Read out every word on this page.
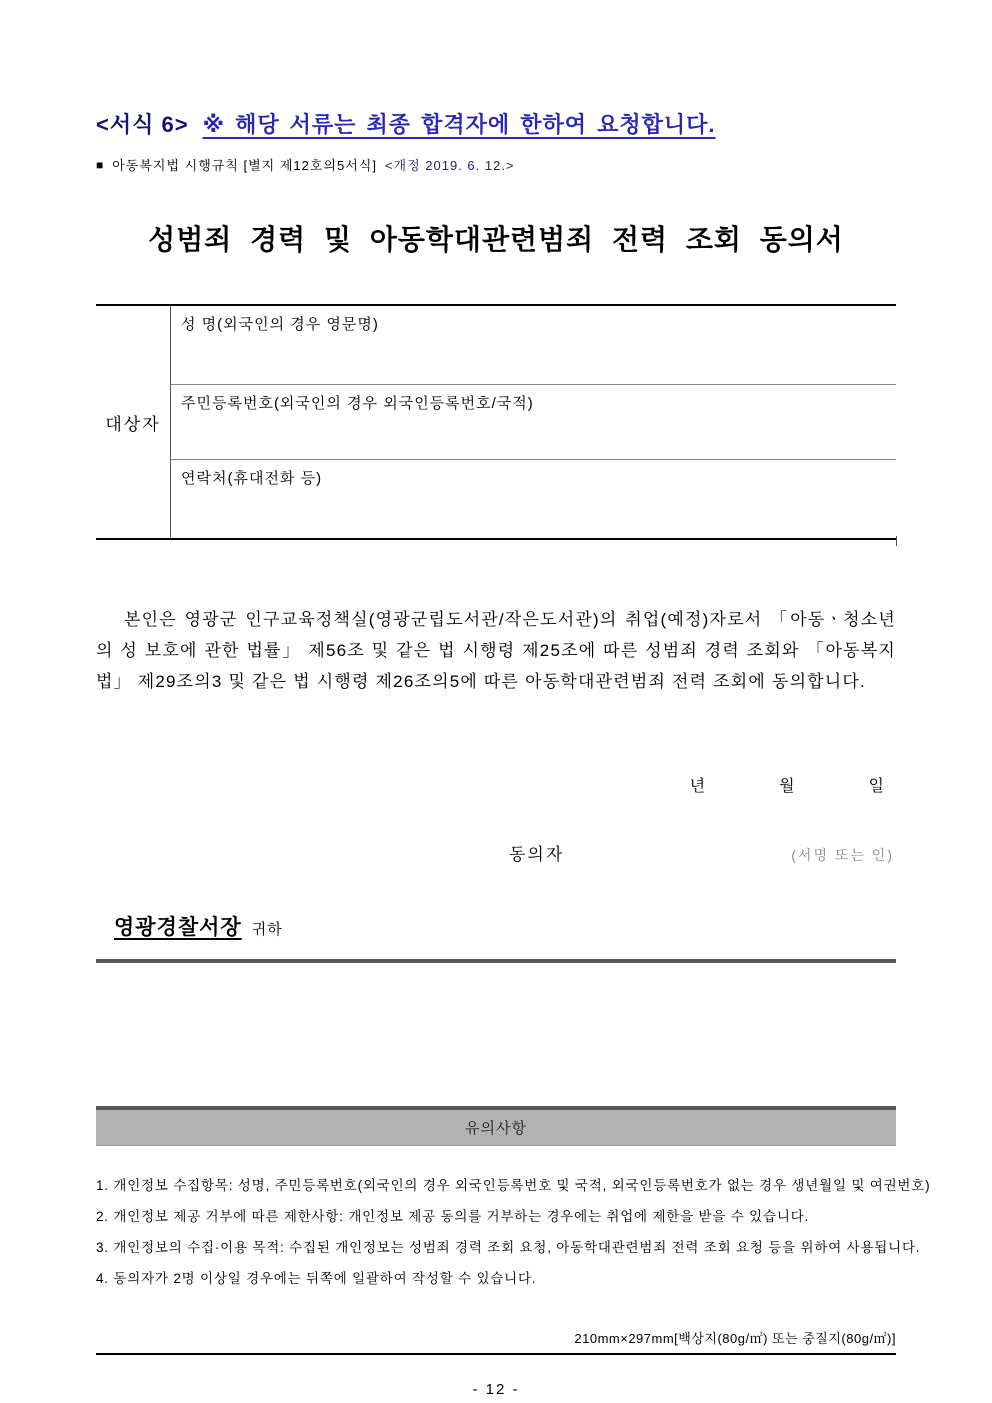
<서식 6> ※ 해당 서류는 최종 합격자에 한하여 요청합니다.
■ 아동복지법 시행규칙 [별지 제12호의5서식] <개정 2019. 6. 12.>
성범죄 경력 및 아동학대관련범죄 전력 조회 동의서
대상자
성 명(외국인의 경우 영문명)
주민등록번호(외국인의 경우 외국인등록번호/국적)
연락처(휴대전화 등)

본인은 영광군 인구교육정책실(영광군립도서관/작은도서관)의 취업(예정)자로서 「아동ㆍ청소년의 성 보호에 관한 법률」 제56조 및 같은 법 시행령 제25조에 따른 성범죄 경력 조회와 「아동복지법」 제29조의3 및 같은 법 시행령 제26조의5에 따른 아동학대관련범죄 전력 조회에 동의합니다.

년	월	일
동의자	(서명 또는 인)
영광경찰서장 귀하
유의사항
1. 개인정보 수집항목: 성명, 주민등록번호(외국인의 경우 외국인등록번호 및 국적, 외국인등록번호가 없는 경우 생년월일 및 여권번호)
2. 개인정보 제공 거부에 따른 제한사항: 개인정보 제공 동의를 거부하는 경우에는 취업에 제한을 받을 수 있습니다.
3. 개인정보의 수집·이용 목적: 수집된 개인정보는 성범죄 경력 조회 요청, 아동학대관련범죄 전력 조회 요청 등을 위하여 사용됩니다.
4. 동의자가 2명 이상일 경우에는 뒤쪽에 일괄하여 작성할 수 있습니다.
210mm×297mm[백상지(80g/㎡) 또는 중질지(80g/㎡)]
- 12 -
